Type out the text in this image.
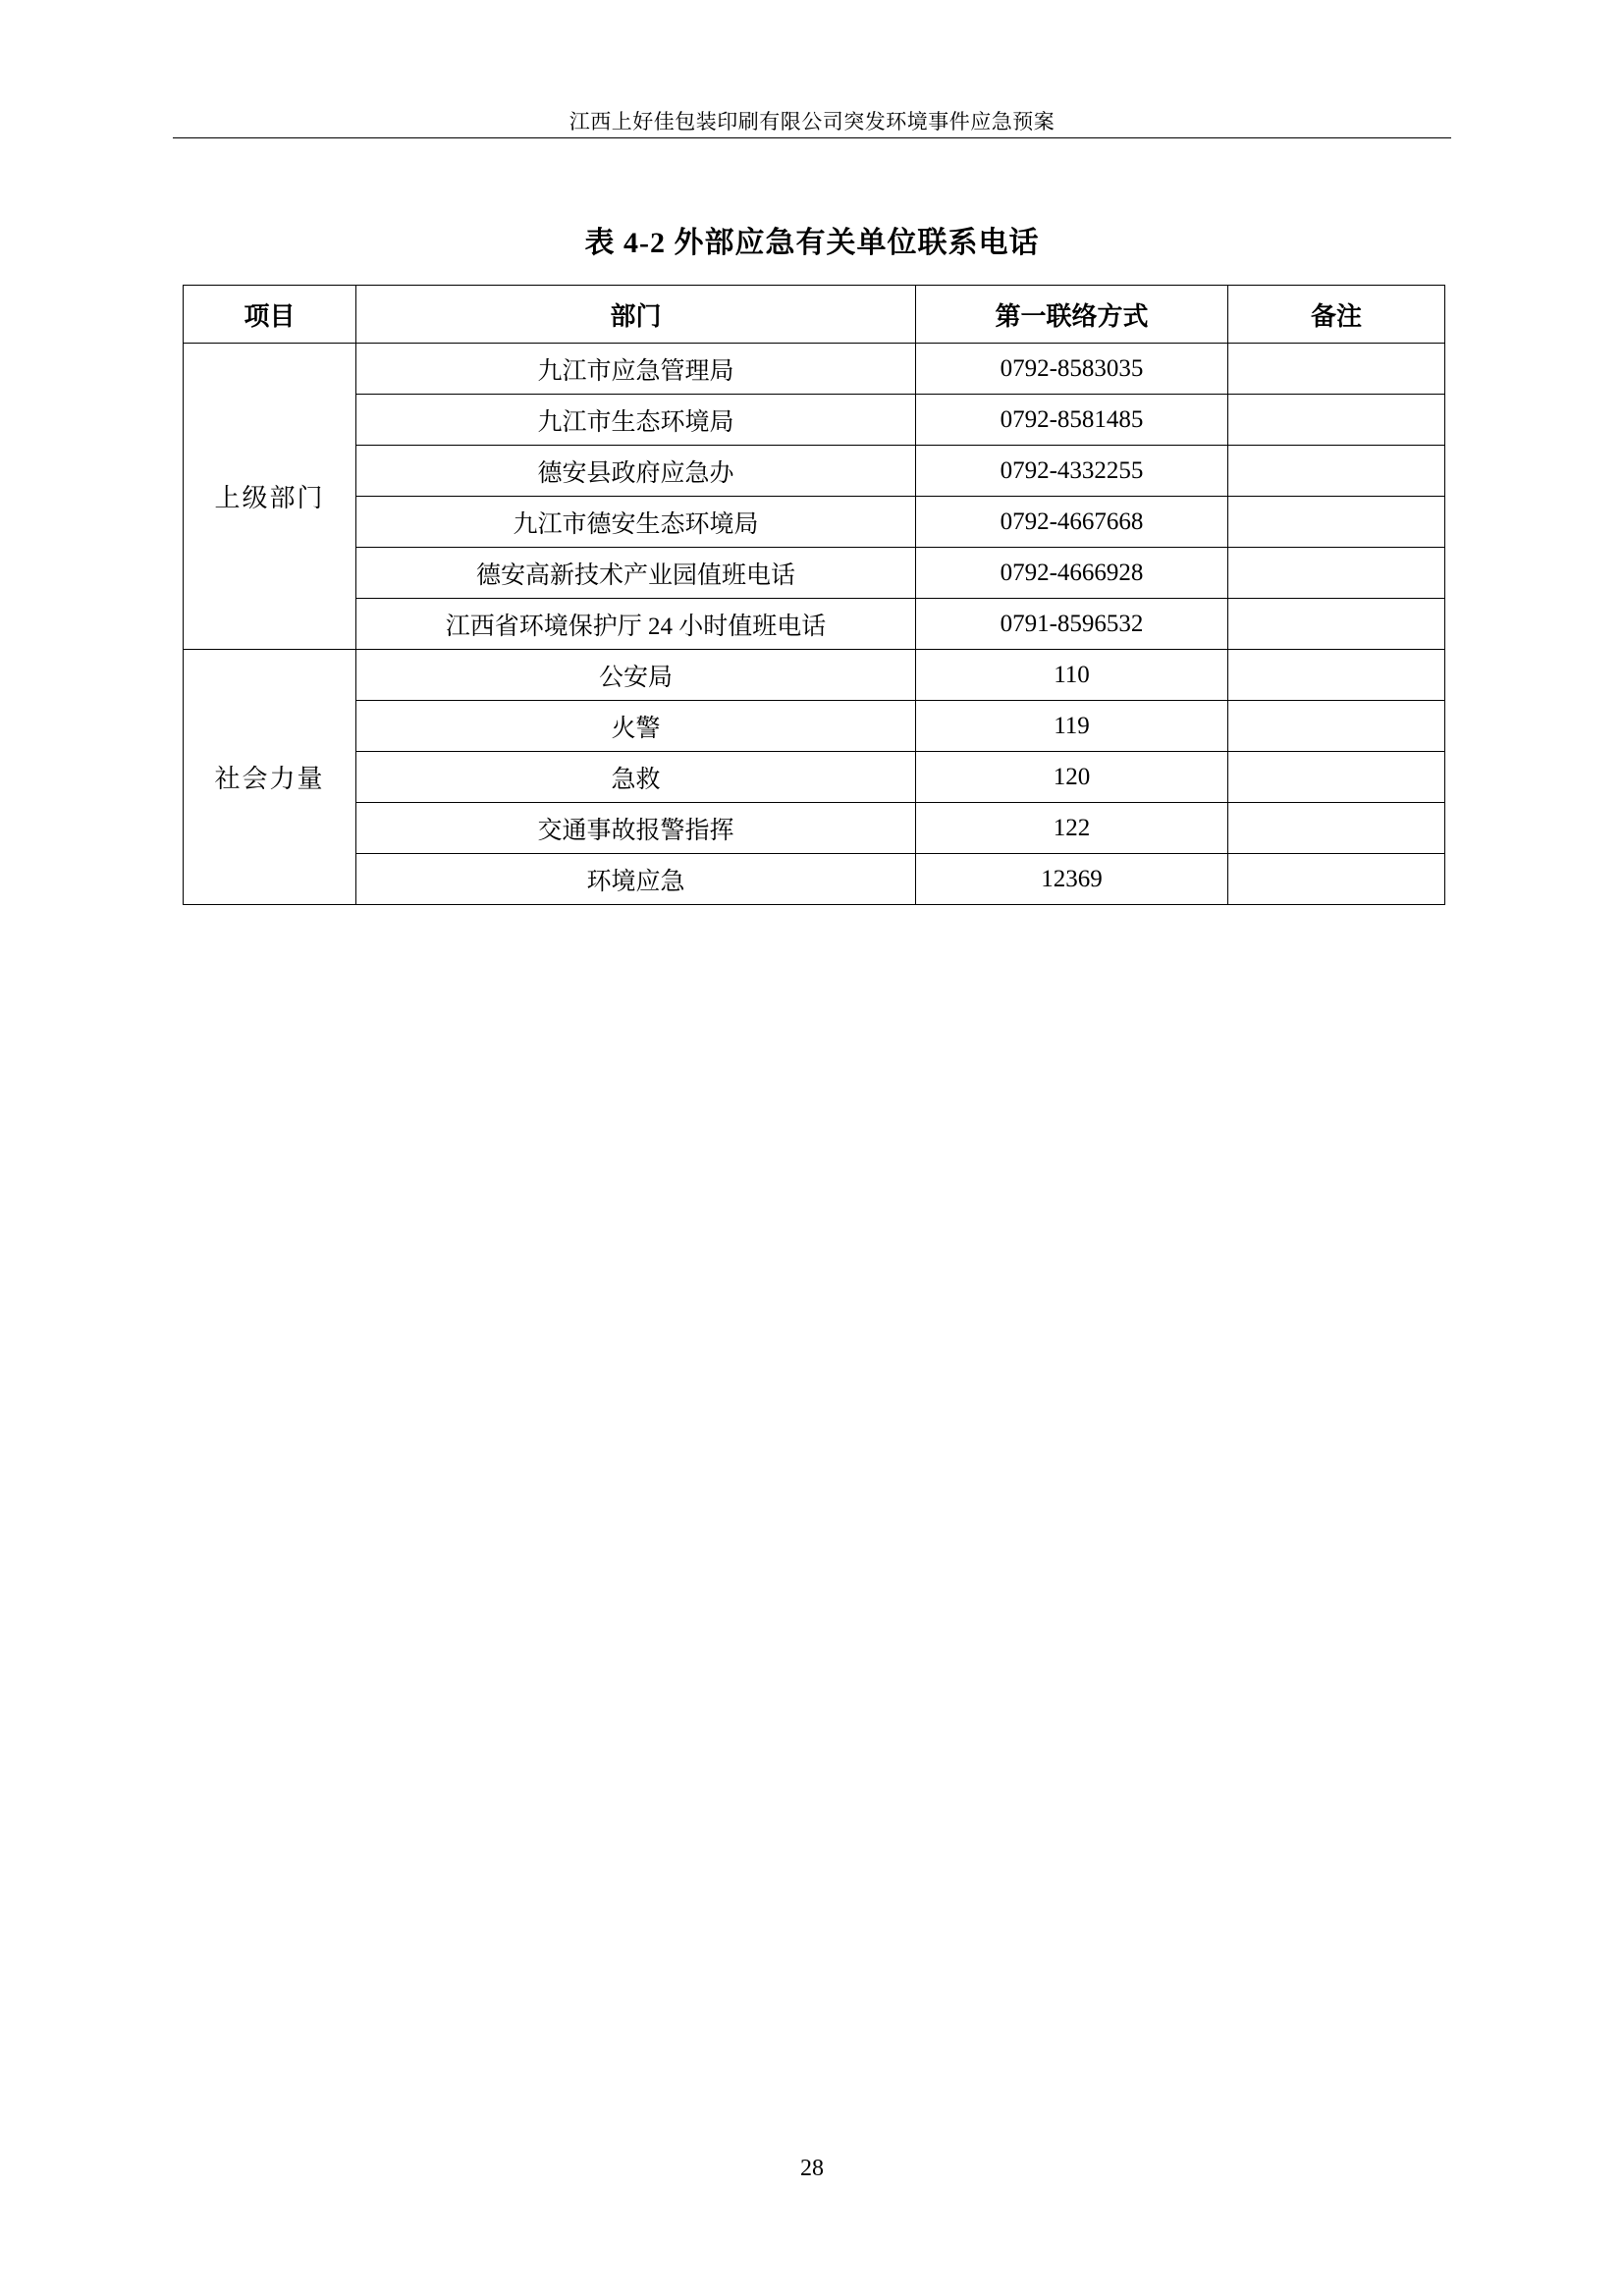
江西上好佳包装印刷有限公司突发环境事件应急预案
表 4-2 外部应急有关单位联系电话
项目	部门	第一联络方式	备注
上级部门	九江市应急管理局	0792-8583035	
	九江市生态环境局	0792-8581485	
	德安县政府应急办	0792-4332255	
	九江市德安生态环境局	0792-4667668	
	德安高新技术产业园值班电话	0792-4666928	
	江西省环境保护厅 24 小时值班电话	0791-8596532	
社会力量	公安局	110	
	火警	119	
	急救	120	
	交通事故报警指挥	122	
	环境应急	12369	
28
